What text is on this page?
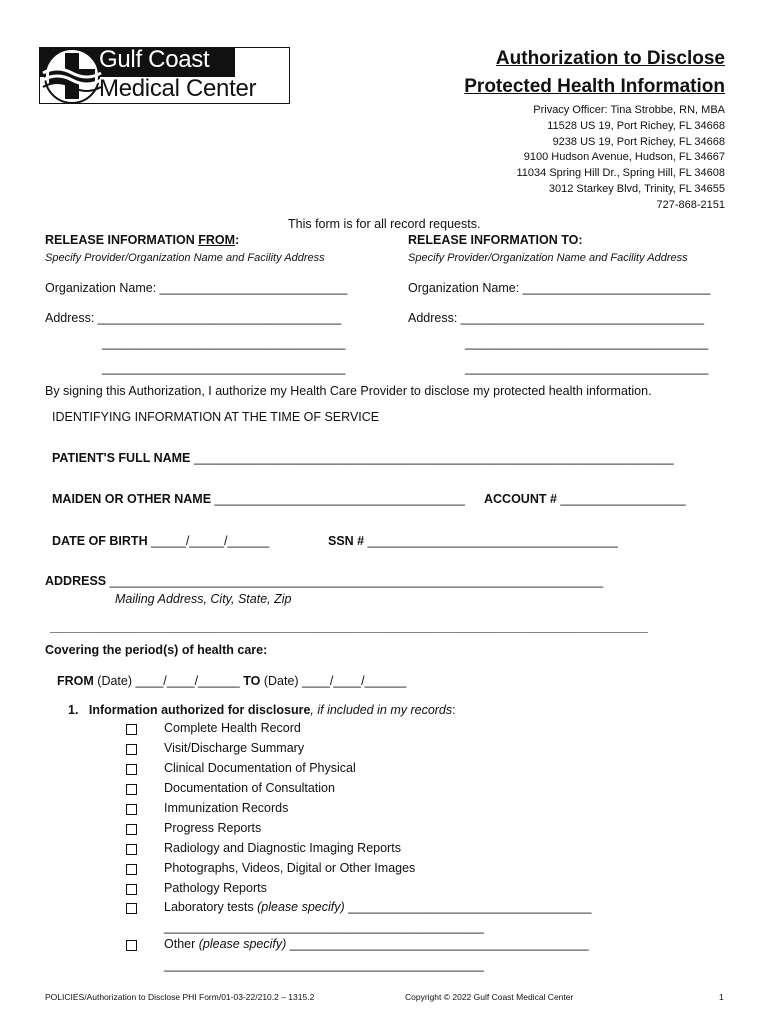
Gulf Coast
Medical Center
Authorization to Disclose
Protected Health Information
Privacy Officer: Tina Strobbe, RN, MBA
11528 US 19, Port Richey, FL 34668
9238 US 19, Port Richey, FL 34668
9100 Hudson Avenue, Hudson, FL 34667
11034 Spring Hill Dr., Spring Hill, FL 34608
3012 Starkey Blvd, Trinity, FL 34655
727-868-2151
This form is for all record requests.
RELEASE INFORMATION FROM:
Specify Provider/Organization Name and Facility Address
Organization Name: ___________________________
Address: ___________________________________
___________________________________
___________________________________
RELEASE INFORMATION TO:
Specify Provider/Organization Name and Facility Address
Organization Name: ___________________________
Address: ___________________________________
___________________________________
___________________________________
By signing this Authorization, I authorize my Health Care Provider to disclose my protected health information.
IDENTIFYING INFORMATION AT THE TIME OF SERVICE
PATIENT'S FULL NAME _____________________________________________________________________
MAIDEN OR OTHER NAME ____________________________________ ACCOUNT # __________________
DATE OF BIRTH _____/_____/______	SSN # ____________________________________
ADDRESS _______________________________________________________________________
Mailing Address, City, State, Zip
______________________________________________________________________________________
Covering the period(s) of health care:
FROM (Date) ____/____/______ TO (Date) ____/____/______
1. Information authorized for disclosure, if included in my records:
Complete Health Record
Visit/Discharge Summary
Clinical Documentation of Physical
Documentation of Consultation
Immunization Records
Progress Reports
Radiology and Diagnostic Imaging Reports
Photographs, Videos, Digital or Other Images
Pathology Reports
Laboratory tests (please specify) ___________________________________
______________________________________________
Other (please specify) ___________________________________________
______________________________________________
POLICIES/Authorization to Disclose PHI Form/01-03-22/210.2 – 1315.2	Copyright © 2022 Gulf Coast Medical Center	1
